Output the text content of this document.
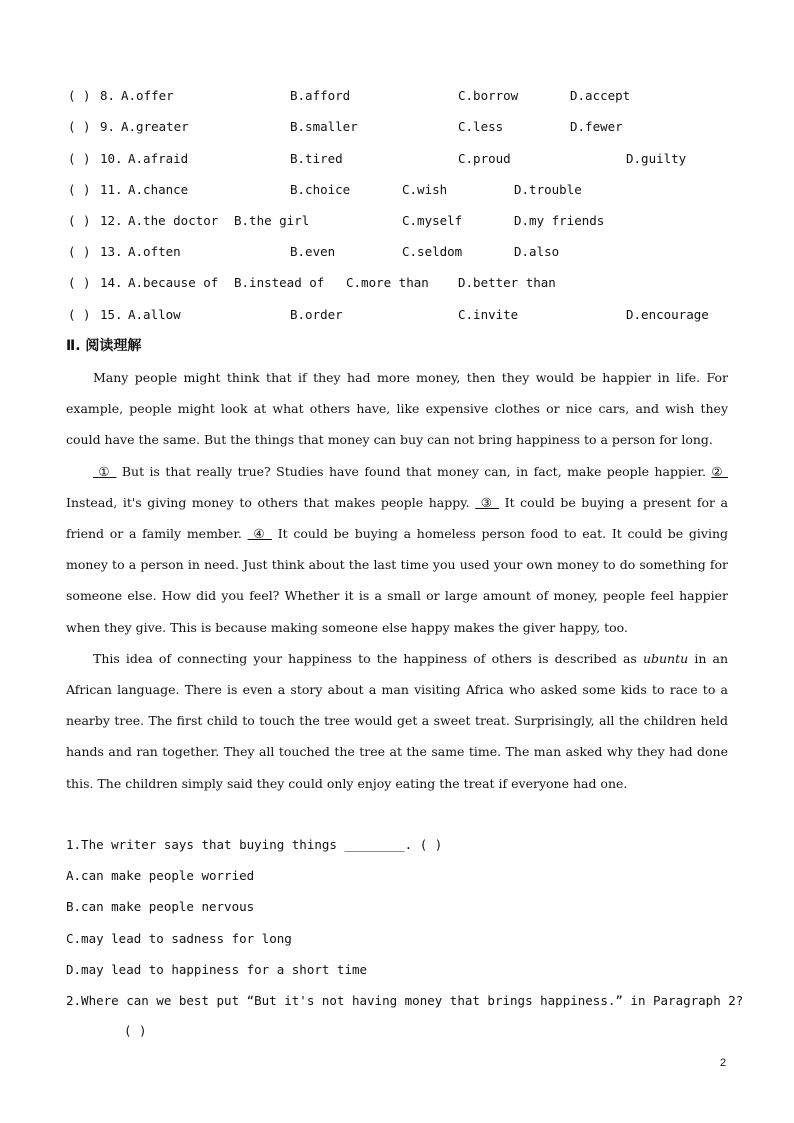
( ) 8. A.offer	B.afford	C.borrow	D.accept
( ) 9. A.greater	B.smaller	C.less	D.fewer
( ) 10. A.afraid	B.tired	C.proud	D.guilty
( ) 11. A.chance	B.choice	C.wish	D.trouble
( ) 12. A.the doctor B.the girl	C.myself	D.my friends
( ) 13. A.often	B.even	C.seldom	D.also
( ) 14. A.because of B.instead of C.more than D.better than
( ) 15. A.allow	B.order	C.invite	D.encourage
Ⅱ. 阅读理解

Many people might think that if they had more money, then they would be happier in life. For example, people might look at what others have, like expensive clothes or nice cars, and wish they could have the same. But the things that money can buy can not bring happiness to a person for long.

①  But is that really true? Studies have found that money can, in fact, make people happier. ②  Instead, it's giving money to others that makes people happy.  ③  It could be buying a present for a friend or a family member.  ④  It could be buying a homeless person food to eat. It could be giving money to a person in need. Just think about the last time you used your own money to do something for someone else. How did you feel? Whether it is a small or large amount of money, people feel happier when they give. This is because making someone else happy makes the giver happy, too.

This idea of connecting your happiness to the happiness of others is described as ubuntu in an African language. There is even a story about a man visiting Africa who asked some kids to race to a nearby tree. The first child to touch the tree would get a sweet treat. Surprisingly, all the children held hands and ran together. They all touched the tree at the same time. The man asked why they had done this. The children simply said they could only enjoy eating the treat if everyone had one.

1.The writer says that buying things ________. ( )
A.can make people worried
B.can make people nervous
C.may lead to sadness for long
D.may lead to happiness for a short time
2.Where can we best put “But it's not having money that brings happiness.” in Paragraph 2?
( )
2
